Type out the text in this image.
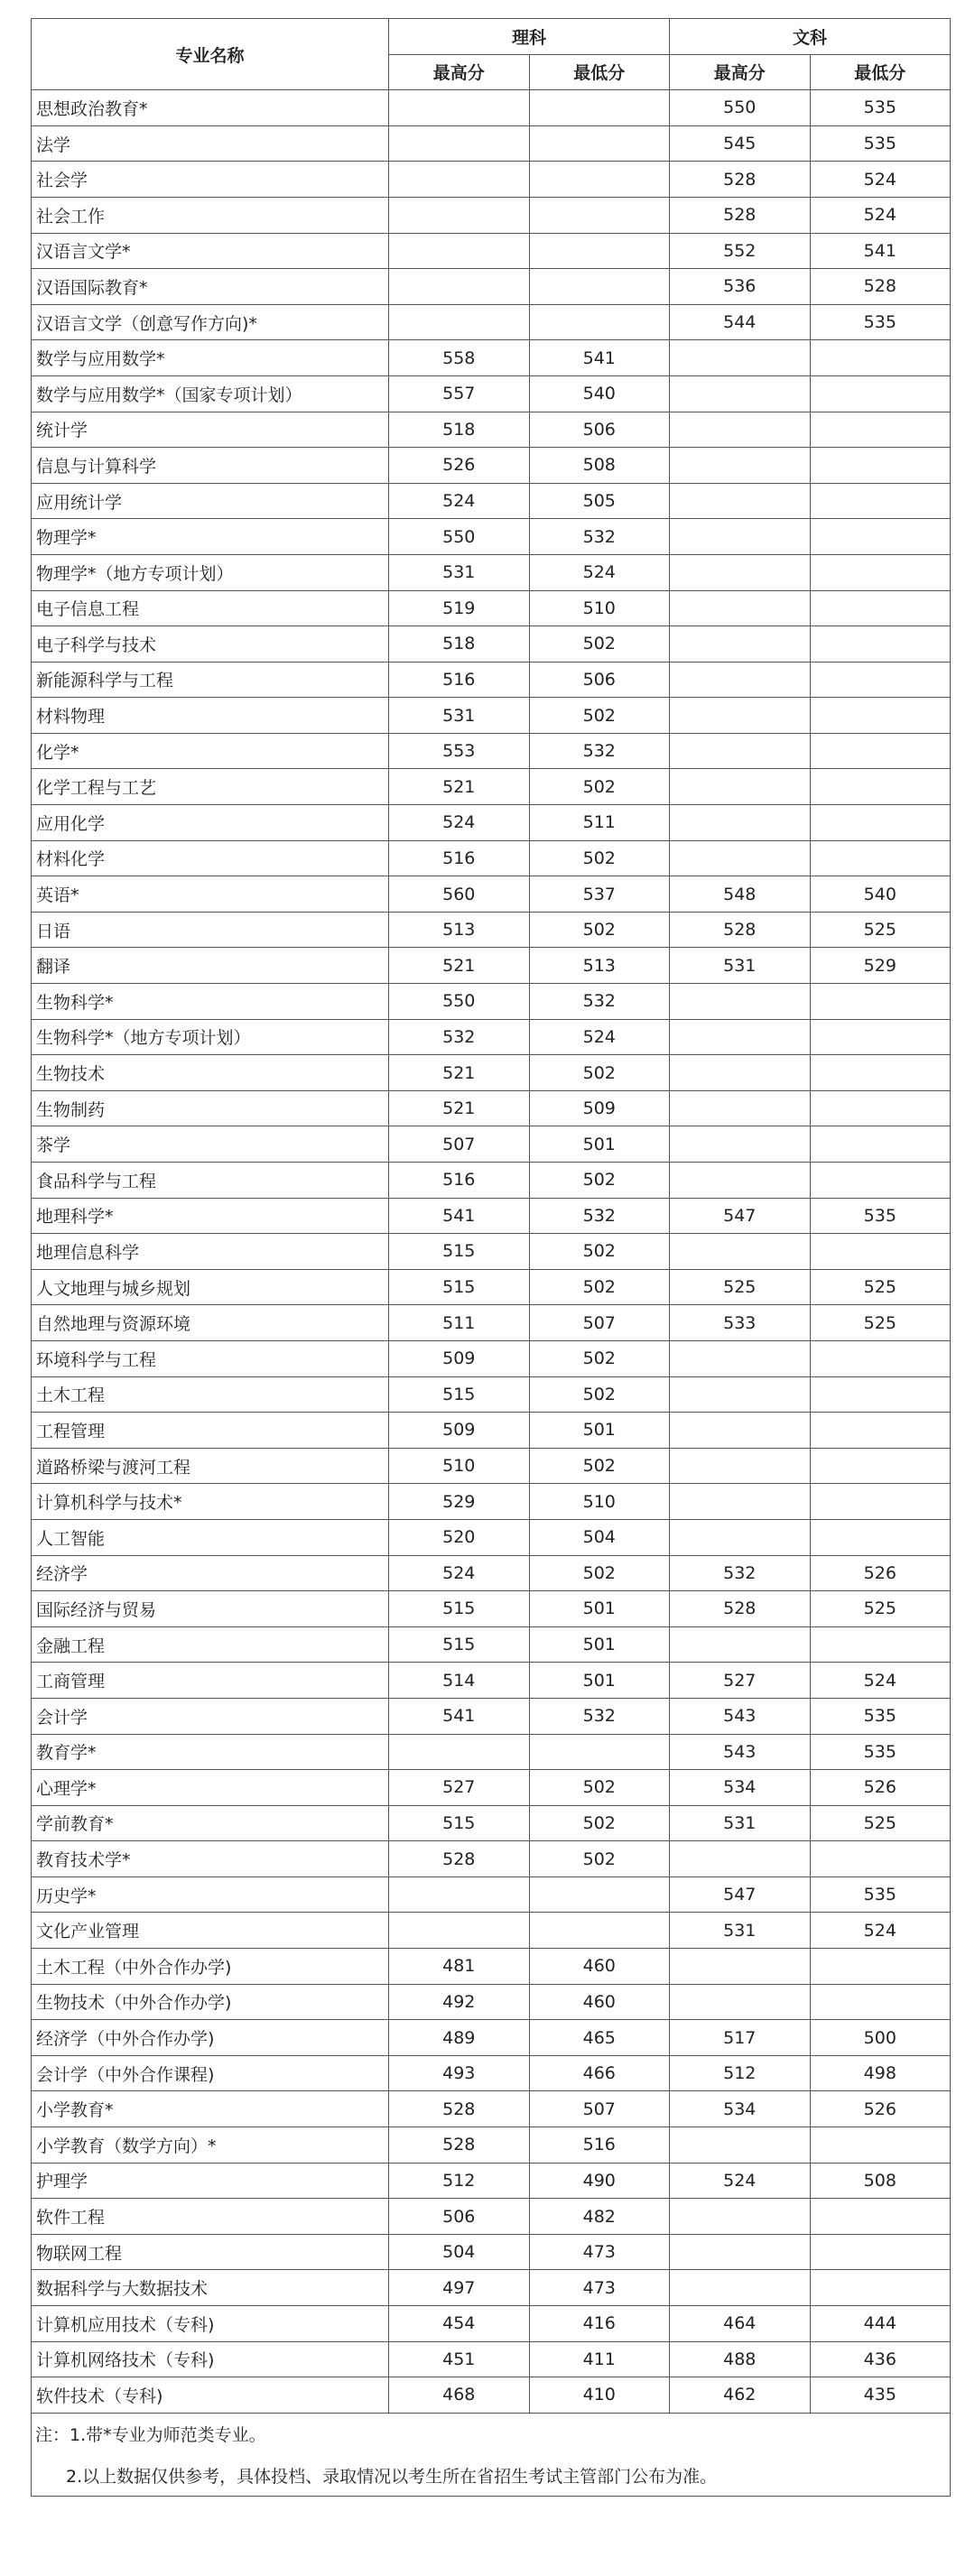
专业名称	理科		文科	
	最高分	最低分	最高分	最低分
思想政治教育*			550	535
法学			545	535
社会学			528	524
社会工作			528	524
汉语言文学*			552	541
汉语国际教育*			536	528
汉语言文学（创意写作方向)*			544	535
数学与应用数学*	558	541		
数学与应用数学*（国家专项计划）	557	540		
统计学	518	506		
信息与计算科学	526	508		
应用统计学	524	505		
物理学*	550	532		
物理学*（地方专项计划）	531	524		
电子信息工程	519	510		
电子科学与技术	518	502		
新能源科学与工程	516	506		
材料物理	531	502		
化学*	553	532		
化学工程与工艺	521	502		
应用化学	524	511		
材料化学	516	502		
英语*	560	537	548	540
日语	513	502	528	525
翻译	521	513	531	529
生物科学*	550	532		
生物科学*（地方专项计划）	532	524		
生物技术	521	502		
生物制药	521	509		
茶学	507	501		
食品科学与工程	516	502		
地理科学*	541	532	547	535
地理信息科学	515	502		
人文地理与城乡规划	515	502	525	525
自然地理与资源环境	511	507	533	525
环境科学与工程	509	502		
土木工程	515	502		
工程管理	509	501		
道路桥梁与渡河工程	510	502		
计算机科学与技术*	529	510		
人工智能	520	504		
经济学	524	502	532	526
国际经济与贸易	515	501	528	525
金融工程	515	501		
工商管理	514	501	527	524
会计学	541	532	543	535
教育学*			543	535
心理学*	527	502	534	526
学前教育*	515	502	531	525
教育技术学*	528	502		
历史学*			547	535
文化产业管理			531	524
土木工程（中外合作办学)	481	460		
生物技术（中外合作办学)	492	460		
经济学（中外合作办学)	489	465	517	500
会计学（中外合作课程)	493	466	512	498
小学教育*	528	507	534	526
小学教育（数学方向）*	528	516		
护理学	512	490	524	508
软件工程	506	482		
物联网工程	504	473		
数据科学与大数据技术	497	473		
计算机应用技术（专科)	454	416	464	444
计算机网络技术（专科)	451	411	488	436
软件技术（专科)	468	410	462	435
注：1.带*专业为师范类专业。				
2.以上数据仅供参考，具体投档、录取情况以考生所在省招生考试主管部门公布为准。				
